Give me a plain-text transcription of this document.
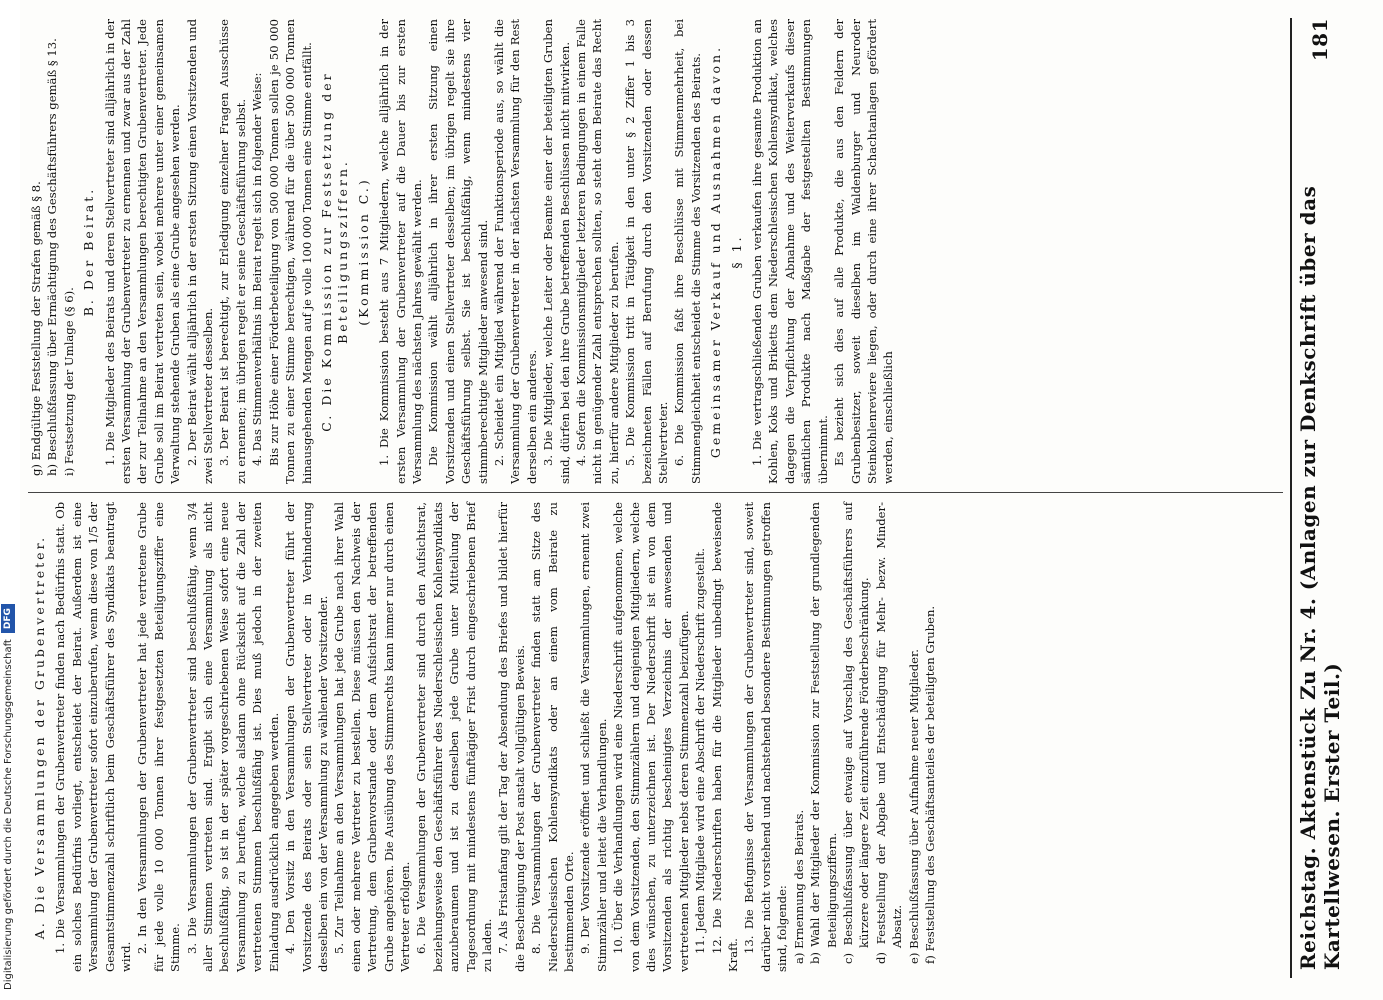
A. Die Versammlungen der Grubenvertreter. 1. Die Versammlungen der Grubenvertreter finden nach Bedürfnis statt. Ob ein solches Bedürfnis vorliegt, entscheidet der Beirat. Außerdem ist eine Versammlung der Grubenvertreter sofort einzuberufen, wenn diese von 1/5 der Gesamtstimmenzahl schriftlich beim Geschäftsführer des Syndikats beantragt wird.

2. In den Versammlungen der Grubenvertreter hat jede vertretene Grube für jede volle 10 000 Tonnen ihrer festgesetzten Beteiligungsziffer eine Stimme. 3. Die Versammlungen der Grubenvertreter sind beschlußfähig, wenn 3/4 aller Stimmen vertreten sind. Ergibt sich eine Versammlung als nicht beschlußfähig, so ist in der später vorgeschriebenen Weise sofort eine neue Versammlung zu berufen, welche alsdann ohne Rücksicht auf die Zahl der vertretenen Stimmen beschlußfähig ist. Dies muß jedoch in der zweiten Einladung ausdrücklich angegeben werden. 4. Den Vorsitz in den Versammlungen der Grubenvertreter führt der Vorsitzende des Beirats oder sein Stellvertreter oder in Verhinderung desselben ein von der Versammlung zu wählender Vorsitzender. 5. Zur Teilnahme an den Versammlungen hat jede Grube nach ihrer Wahl einen oder mehrere Vertreter zu bestellen. Diese müssen den Nachweis der Vertretung, dem Grubenvorstande oder dem Aufsichtsrat der betreffenden Grube angehören. Die Ausübung des Stimmrechts kann immer nur durch einen Vertreter erfolgen. 6. Die Versammlungen der Grubenvertreter sind durch den Aufsichtsrat, beziehungsweise den Geschäftsführer des Niederschlesischen Kohlensyndikats anzuberaumen und ist zu denselben jede Grube unter Mitteilung der Tagesordnung mit mindestens fünftägiger Frist durch eingeschriebenen Brief zu laden. 7. Als Fristanfang gilt der Tag der Absendung des Briefes und bildet hierfür die Bescheinigung der Post anstalt vollgültigen Beweis. 8. Die Versammlungen der Grubenvertreter finden statt am Sitze des Niederschlesischen Kohlensyndikats oder an einem vom Beirate zu bestimmenden Orte. 9. Der Vorsitzende eröffnet und schließt die Versammlungen, ernennt zwei Stimmzähler und leitet die Verhandlungen. 10. Über die Verhandlungen wird eine Niederschrift aufgenommen, welche von dem Vorsitzenden, den Stimmzählern und denjenigen Mitgliedern, welche dies wünschen, zu unterzeichnen ist. Der Niederschrift ist ein von dem Vorsitzenden als richtig bescheinigtes Verzeichnis der anwesenden und vertretenen Mitglieder nebst deren Stimmenzahl beizufügen. 11. Jedem Mitgliede wird eine Abschrift der Niederschrift zugestellt. 12. Die Niederschriften haben für die Mitglieder unbedingt beweisende Kraft.

13. Die Befugnisse der Versammlungen der Grubenvertreter sind, soweit darüber nicht vorstehend und nachstehend besondere Bestimmungen getroffen sind, folgende: a) Ernennung des Beirats. b) Wahl der Mitglieder der Kommission zur Feststellung der grundlegenden Beteiligungsziffern. c) Beschlußfassung über etwaige auf Vorschlag des Geschäftsführers auf kürzere oder längere Zeit einzuführende Förderbeschränkung. d) Feststellung der Abgabe und Entschädigung für Mehr- bezw. Minder-Absatz. e) Beschlußfassung über Aufnahme neuer Mitglieder. f) Feststellung des Geschäftsanteiles der beteiligten Gruben.

g) Endgültige Feststellung der Strafen gemäß § 8. h) Beschlußfassung über Ermächtigung des Geschäftsführers gemäß § 13. i) Festsetzung der Umlage (§ 6).

B. Der Beirat. 1. Die Mitglieder des Beirats und deren Stellvertreter sind alljährlich in der ersten Versammlung der Grubenvertreter zu ernennen und zwar aus der Zahl der zur Teilnahme an den Versammlungen berechtigten Grubenvertreter. Jede Grube soll im Beirat vertreten sein, wobei mehrere unter einer gemeinsamen Verwaltung stehende Gruben als eine Grube angesehen werden. 2. Der Beirat wählt alljährlich in der ersten Sitzung einen Vorsitzenden und zwei Stellvertreter desselben. 3. Der Beirat ist berechtigt, zur Erledigung einzelner Fragen Ausschüsse zu ernennen; im übrigen regelt er seine Geschäftsführung selbst. 4. Das Stimmenverhältnis im Beirat regelt sich in folgender Weise: Bis zur Höhe einer Förderbeteiligung von 500 000 Tonnen sollen je 50 000 Tonnen zu einer Stimme berechtigen, während für die über 500 000 Tonnen hinausgehenden Mengen auf je volle 100 000 Tonnen eine Stimme entfällt. C. Die Kommission zur Festsetzung der Beteiligungsziffern. (Kommission C.) 1. Die Kommission besteht aus 7 Mitgliedern, welche alljährlich in der ersten Versammlung der Grubenvertreter auf die Dauer bis zur ersten Versammlung des nächsten Jahres gewählt werden. Die Kommission wählt alljährlich in ihrer ersten Sitzung einen Vorsitzenden und einen Stellvertreter desselben; im übrigen regelt sie ihre Geschäftsführung selbst. Sie ist beschlußfähig, wenn mindestens vier stimmberechtigte Mitglieder anwesend sind. 2. Scheidet ein Mitglied während der Funktionsperiode aus, so wählt die Versammlung der Grubenvertreter in der nächsten Versammlung für den Rest derselben ein anderes. 3. Die Mitglieder, welche Leiter oder Beamte einer der beteiligten Gruben sind, dürfen bei den ihre Grube betreffenden Beschlüssen nicht mitwirken. 4. Sofern die Kommissionsmitglieder letzteren Bedingungen in einem Falle nicht in genügender Zahl entsprechen sollten, so steht dem Beirate das Recht zu, hierfür andere Mitglieder zu berufen. 5. Die Kommission tritt in Tätigkeit in den unter § 2 Ziffer 1 bis 3 bezeichneten Fällen auf Berufung durch den Vorsitzenden oder dessen Stellvertreter. 6. Die Kommission faßt ihre Beschlüsse mit Stimmenmehrheit, bei Stimmengleichheit entscheidet die Stimme des Vorsitzenden des Beirats. Gemeinsamer Verkauf und Ausnahmen davon. § 1. 1. Die vertragschließenden Gruben verkaufen ihre gesamte Produktion an Kohlen, Koks und Briketts dem Niederschlesischen Kohlensyndikat, welches dagegen die Verpflichtung der Abnahme und des Weiterverkaufs dieser sämtlichen Produkte nach Maßgabe der festgestellten Bestimmungen übernimmt. Es bezieht sich dies auf alle Produkte, die aus den Feldern der Grubenbesitzer, soweit dieselben im Waldenburger und Neuroder Steinkohlenreviere liegen, oder durch eine ihrer Schachtanlagen gefördert werden, einschließlich	Reichstag. Aktenstück Zu Nr. 4. (Anlagen zur Denkschrift über das Kartellwesen. Erster Teil.)
181
Digitalisierung gefördert durch die Deutsche Forschungsgemeinschaft
DFG
